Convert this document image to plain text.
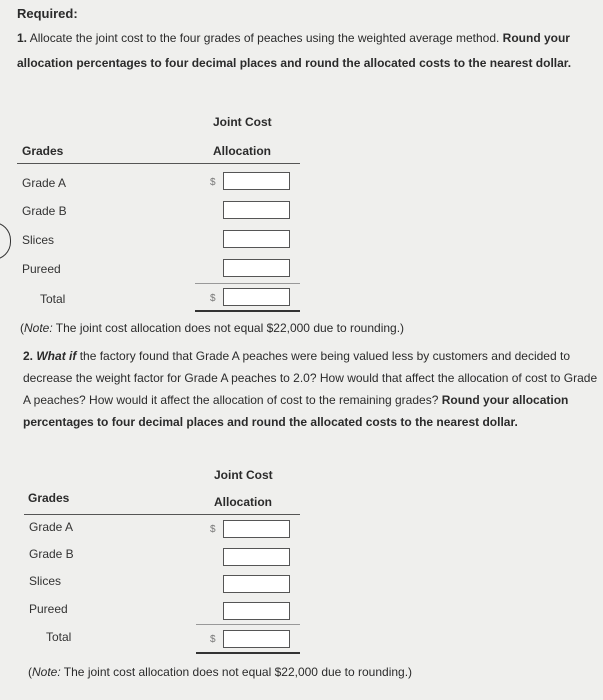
Required:
1. Allocate the joint cost to the four grades of peaches using the weighted average method. Round your allocation percentages to four decimal places and round the allocated costs to the nearest dollar.
Joint Cost
Grades	Allocation
Grade A	$
Grade B
Slices
Pureed
Total	$
(Note: The joint cost allocation does not equal $22,000 due to rounding.)
2. What if the factory found that Grade A peaches were being valued less by customers and decided to decrease the weight factor for Grade A peaches to 2.0? How would that affect the allocation of cost to Grade A peaches? How would it affect the allocation of cost to the remaining grades? Round your allocation percentages to four decimal places and round the allocated costs to the nearest dollar.
Joint Cost
Grades	Allocation
Grade A	$
Grade B
Slices
Pureed
Total	$
(Note: The joint cost allocation does not equal $22,000 due to rounding.)
